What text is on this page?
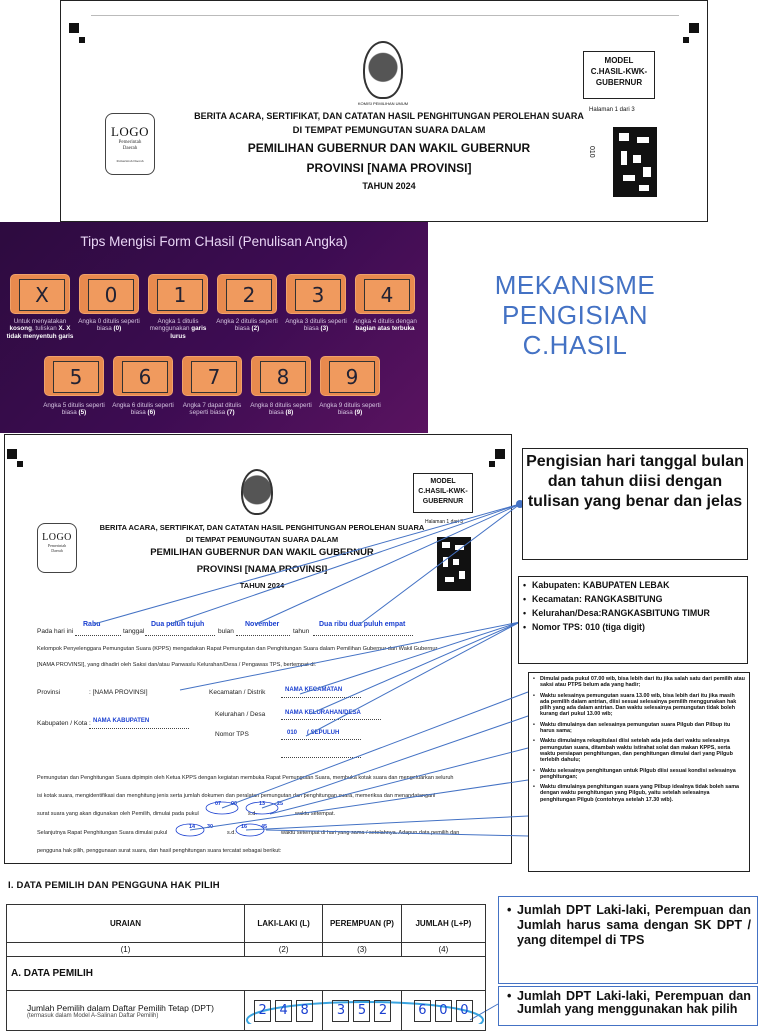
KOMISI PEMILIHAN UMUM
LOGO
Pemerintah
Daerah
Pemerintah Daerah
BERITA ACARA, SERTIFIKAT, DAN CATATAN HASIL PENGHITUNGAN PEROLEHAN SUARA
DI TEMPAT PEMUNGUTAN SUARA DALAM
PEMILIHAN GUBERNUR DAN WAKIL GUBERNUR
PROVINSI [NAMA PROVINSI]
TAHUN 2024
MODEL
C.HASIL-KWK-
GUBERNUR
Halaman 1 dari 3
010
Tips Mengisi Form CHasil (Penulisan Angka)
X	0	1	2	3	4
Untuk menyatakan kosong, tuliskan X. X tidak menyentuh garis
Angka 0 ditulis seperti biasa (0)
Angka 1 ditulis menggunakan garis lurus
Angka 2 ditulis seperti biasa (2)
Angka 3 ditulis seperti biasa (3)
Angka 4 ditulis dengan bagian atas terbuka
5	6	7	8	9
Angka 5 ditulis seperti biasa (5)
Angka 6 ditulis seperti biasa (6)
Angka 7 dapat ditulis seperti biasa (7)
Angka 8 ditulis seperti biasa (8)
Angka 9 ditulis seperti biasa (9)
MEKANISME
PENGISIAN
C.HASIL
LOGO
Pemerintah
Daerah
BERITA ACARA, SERTIFIKAT, DAN CATATAN HASIL PENGHITUNGAN PEROLEHAN SUARA
DI TEMPAT PEMUNGUTAN SUARA DALAM
PEMILIHAN GUBERNUR DAN WAKIL GUBERNUR
PROVINSI [NAMA PROVINSI]
TAHUN 2024
MODEL
C.HASIL-KWK-
GUBERNUR
Halaman 1 dari 3
Pada hari ini
Rabu
tanggal
Dua puluh tujuh
bulan
November
tahun
Dua ribu dua puluh empat
Kelompok Penyelenggara Pemungutan Suara (KPPS) mengadakan Rapat Pemungutan dan Penghitungan Suara dalam Pemilihan Gubernur dan Wakil Gubernur
[NAMA PROVINSI], yang dihadiri oleh Saksi dan/atau Panwaslu Kelurahan/Desa / Pengawas TPS, bertempat di:
Provinsi	: [NAMA PROVINSI]	Kecamatan / Distrik	NAMA KECAMATAN
Kabupaten / Kota : NAMA KABUPATEN
Kelurahan / Desa	NAMA KELURAHAN/DESA
Nomor TPS	010 ( SEPULUH
Pemungutan dan Penghitungan Suara dipimpin oleh Ketua KPPS dengan kegiatan membuka Rapat Pemungutan Suara, membuka kotak suara dan mengeluarkan seluruh
isi kotak suara, mengidentifikasi dan menghitung jenis serta jumlah dokumen dan peralatan pemungutan dan penghitungan suara, memeriksa dan menandatangani
surat suara yang akan digunakan oleh Pemilih, dimulai pada pukul
07 00
s.d.
13 25
waktu setempat.
Selanjutnya Rapat Penghitungan Suara dimulai pukul
14 30
s.d.
16	45
waktu setempat di hari yang sama / setelahnya. Adapun data pemilih dan
pengguna hak pilih, penggunaan surat suara, dan hasil penghitungan suara tercatat sebagai berikut:
Pengisian hari tanggal bulan dan tahun diisi dengan tulisan yang benar dan jelas
• Kabupaten: KABUPATEN LEBAK
• Kecamatan: RANGKASBITUNG
• Kelurahan/Desa:RANGKASBITUNG TIMUR
• Nomor TPS: 010 (tiga digit)
• Dimulai pada pukul 07.00 wib, bisa lebih dari itu jika salah satu dari pemilih atau saksi atau PTPS belum ada yang hadir;
• Waktu selesainya pemungutan suara 13.00 wib, bisa lebih dari itu jika masih ada pemilih dalam antrian, diisi sesuai selesainya pemilih menggunakan hak pilih yang ada dalam antrian. Dan waktu selesainya pemungutan tidak boleh kurang dari pukul 13.00 wib;
• Waktu dimulainya dan selesainya pemungutan suara Pilgub dan Pilbup itu harus sama;
• Waktu dimulainya rekapitulasi diisi setelah ada jeda dari waktu selesainya pemungutan suara, ditambah waktu istirahat solat dan makan KPPS, serta waktu persiapan penghitungan, dan penghitungan dimulai dari yang Pilgub terlebih dahulu;
• Waktu selesainya penghitungan untuk Pilgub diisi sesuai kondisi selesainya penghitungan;
• Waktu dimulainya penghitungan suara yang Pilbup idealnya tidak boleh sama dengan waktu penghitungan yang Pilgub, yaitu setelah selesainya penghitungan Pilgub (contohnya setelah 17.30 wib).
I. DATA PEMILIH DAN PENGGUNA HAK PILIH
URAIAN	LAKI-LAKI (L)	PEREMPUAN (P)	JUMLAH (L+P)
(1)	(2)	(3)	(4)
A. DATA PEMILIH			

Jumlah Pemilih dalam Daftar Pemilih Tetap (DPT)
(termasuk dalam Model A-Salinan Daftar Pemilih)	2 4 8	3 5 2	6 0 0
• Jumlah DPT Laki-laki, Perempuan dan Jumlah harus sama dengan SK DPT / yang ditempel di TPS
• Jumlah DPT Laki-laki, Perempuan dan Jumlah yang menggunakan hak pilih
